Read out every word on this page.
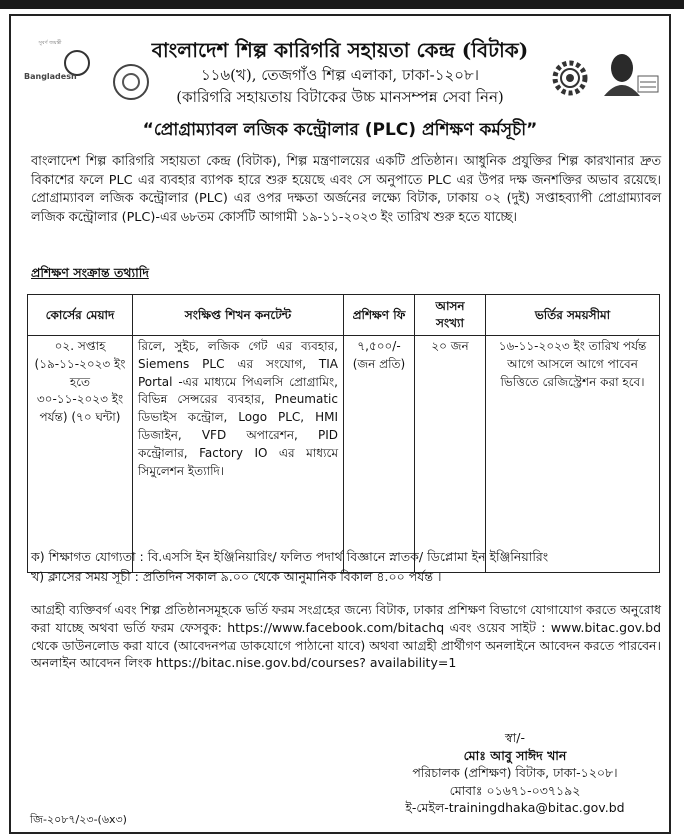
সুবর্ণ জয়ন্তী
Bangladesh
বাংলাদেশ শিল্প কারিগরি সহায়তা কেন্দ্র (বিটাক)
১১৬(খ), তেজগাঁও শিল্প এলাকা, ঢাকা-১২০৮।
(কারিগরি সহায়তায় বিটাকের উচ্চ মানসম্পন্ন সেবা নিন)
“প্রোগ্রাম্যাবল লজিক কন্ট্রোলার (PLC) প্রশিক্ষণ কর্মসূচী”
বাংলাদেশ শিল্প কারিগরি সহায়তা কেন্দ্র (বিটাক), শিল্প মন্ত্রণালয়ের একটি প্রতিষ্ঠান। আধুনিক প্রযুক্তির শিল্প কারখানার দ্রুত বিকাশের ফলে PLC এর ব্যবহার ব্যাপক হারে শুরু হয়েছে এবং সে অনুপাতে PLC এর উপর দক্ষ জনশক্তির অভাব রয়েছে। প্রোগ্রাম্যাবল লজিক কন্ট্রোলার (PLC) এর ওপর দক্ষতা অর্জনের লক্ষ্যে বিটাক, ঢাকায় ০২ (দুই) সপ্তাহব্যাপী প্রোগ্রাম্যাবল লজিক কন্ট্রোলার (PLC)-এর ৬৮তম কোর্সটি আগামী ১৯-১১-২০২৩ ইং তারিখ শুরু হতে যাচ্ছে।
প্রশিক্ষণ সংক্রান্ত তথ্যাদি
কোর্সের মেয়াদ	সংক্ষিপ্ত শিখন কনটেন্ট	প্রশিক্ষণ ফি	আসন সংখ্যা	ভর্তির সময়সীমা
০২. সপ্তাহ (১৯-১১-২০২৩ ইং হতে ৩০-১১-২০২৩ ইং পর্যন্ত) (৭০ ঘন্টা)	রিলে, সুইচ, লজিক গেট এর ব্যবহার, Siemens PLC এর সংযোগ, TIA Portal -এর মাধ্যমে পিএলসি প্রোগ্রামিং, বিভিন্ন সেন্সরের ব্যবহার, Pneumatic ডিভাইস কন্ট্রোল, Logo PLC, HMI ডিজাইন, VFD অপারেশন, PID কন্ট্রোলার, Factory IO এর মাধ্যমে সিমুলেশন ইত্যাদি।	৭,৫০০/- (জন প্রতি)	২০ জন	১৬-১১-২০২৩ ইং তারিখ পর্যন্ত আগে আসলে আগে পাবেন ভিত্তিতে রেজিস্ট্রেশন করা হবে।
ক) শিক্ষাগত যোগ্যতা : বি.এসসি ইন ইঞ্জিনিয়ারিং/ ফলিত পদার্থ বিজ্ঞানে স্নাতক/ ডিপ্লোমা ইন ইঞ্জিনিয়ারিং
খ) ক্লাসের সময় সূচী : প্রতিদিন সকাল ৯.০০ থেকে আনুমানিক বিকাল ৪.০০ পর্যন্ত ।
আগ্রহী ব্যক্তিবর্গ এবং শিল্প প্রতিষ্ঠানসমূহকে ভর্তি ফরম সংগ্রহের জন্যে বিটাক, ঢাকার প্রশিক্ষণ বিভাগে যোগাযোগ করতে অনুরোধ করা যাচ্ছে অথবা ভর্তি ফরম ফেসবুক: https://www.facebook.com/bitachq এবং ওয়েব সাইট : www.bitac.gov.bd থেকে ডাউনলোড করা যাবে (আবেদনপত্র ডাকযোগে পাঠানো যাবে) অথবা আগ্রহী প্রার্থীগণ অনলাইনে আবেদন করতে পারবেন। অনলাইন আবেদন লিংক https://bitac.nise.gov.bd/courses? availability=1
স্বা/-
মোঃ আবু সাঈদ খান
পরিচালক (প্রশিক্ষণ) বিটাক, ঢাকা-১২০৮।
মোবাঃ ০১৬৭১-০৩৭১৯২
ই-মেইল-trainingdhaka@bitac.gov.bd
জি-২০৮৭/২৩-(৬x৩)
